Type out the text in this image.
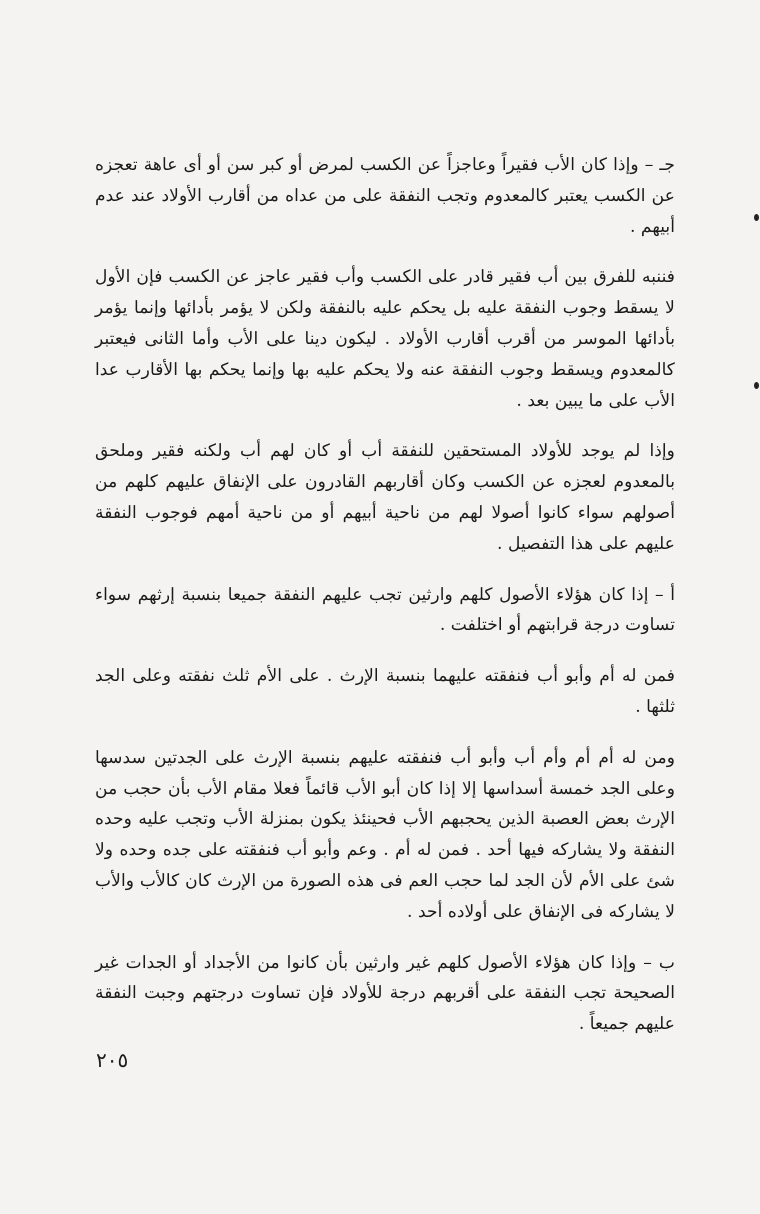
جـ – وإذا كان الأب فقيراً وعاجزاً عن الكسب لمرض أو كبر سن أو أى عاهة تعجزه عن الكسب يعتبر كالمعدوم وتجب النفقة على من عداه من أقارب الأولاد عند عدم أبيهم .

فننبه للفرق بين أب فقير قادر على الكسب وأب فقير عاجز عن الكسب فإن الأول لا يسقط وجوب النفقة عليه بل يحكم عليه بالنفقة ولكن لا يؤمر بأدائها وإنما يؤمر بأدائها الموسر من أقرب أقارب الأولاد . ليكون دينا على الأب وأما الثانى فيعتبر كالمعدوم ويسقط وجوب النفقة عنه ولا يحكم عليه بها وإنما يحكم بها الأقارب عدا الأب على ما يبين بعد .

وإذا لم يوجد للأولاد المستحقين للنفقة أب أو كان لهم أب ولكنه فقير وملحق بالمعدوم لعجزه عن الكسب وكان أقاربهم القادرون على الإنفاق عليهم كلهم من أصولهم سواء كانوا أصولا لهم من ناحية أبيهم أو من ناحية أمهم فوجوب النفقة عليهم على هذا التفصيل .

أ – إذا كان هؤلاء الأصول كلهم وارثين تجب عليهم النفقة جميعا بنسبة إرثهم سواء تساوت درجة قرابتهم أو اختلفت .

فمن له أم وأبو أب فنفقته عليهما بنسبة الإرث . على الأم ثلث نفقته وعلى الجد ثلثها .

ومن له أم أم وأم أب وأبو أب فنفقته عليهم بنسبة الإرث على الجدتين سدسها وعلى الجد خمسة أسداسها إلا إذا كان أبو الأب قائماً فعلا مقام الأب بأن حجب من الإرث بعض العصبة الذين يحجبهم الأب فحينئذ يكون بمنزلة الأب وتجب عليه وحده النفقة ولا يشاركه فيها أحد . فمن له أم . وعم وأبو أب فنفقته على جده وحده ولا شئ على الأم لأن الجد لما حجب العم فى هذه الصورة من الإرث كان كالأب والأب لا يشاركه فى الإنفاق على أولاده أحد .

ب – وإذا كان هؤلاء الأصول كلهم غير وارثين بأن كانوا من الأجداد أو الجدات غير الصحيحة تجب النفقة على أقربهم درجة للأولاد فإن تساوت درجتهم وجبت النفقة عليهم جميعاً .

٢٠٥
